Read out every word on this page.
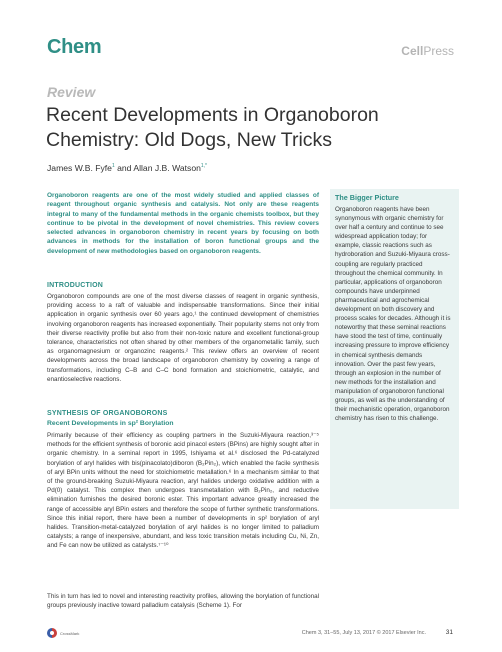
Chem	CellPress
Review
Recent Developments in Organoboron Chemistry: Old Dogs, New Tricks
James W.B. Fyfe$^1$ and Allan J.B. Watson$^{1,*}$

Organoboron reagents are one of the most widely studied and applied classes of reagent throughout organic synthesis and catalysis. Not only are these reagents integral to many of the fundamental methods in the organic chemists toolbox, but they continue to be pivotal in the development of novel chemistries. This review covers selected advances in organoboron chemistry in recent years by focusing on both advances in methods for the installation of boron functional groups and the development of new methodologies based on organoboron reagents.

INTRODUCTION

Organoboron compounds are one of the most diverse classes of reagent in organic synthesis, providing access to a raft of valuable and indispensable transformations. Since their initial application in organic synthesis over 60 years ago,¹ the continued development of chemistries involving organoboron reagents has increased exponentially. Their popularity stems not only from their diverse reactivity profile but also from their non-toxic nature and excellent functional-group tolerance, characteristics not often shared by other members of the organometallic family, such as organomagnesium or organozinc reagents.² This review offers an overview of recent developments across the broad landscape of organoboron chemistry by covering a range of transformations, including C–B and C–C bond formation and stoichiometric, catalytic, and enantioselective reactions.

SYNTHESIS OF ORGANOBORONS
Recent Developments in sp² Borylation

Primarily because of their efficiency as coupling partners in the Suzuki-Miyaura reaction,³⁻⁵ methods for the efficient synthesis of boronic acid pinacol esters (BPins) are highly sought after in organic chemistry. In a seminal report in 1995, Ishiyama et al.⁶ disclosed the Pd-catalyzed borylation of aryl halides with bis(pinacolato)diboron (B₂Pin₂), which enabled the facile synthesis of aryl BPin units without the need for stoichiometric metallation.⁶ In a mechanism similar to that of the ground-breaking Suzuki-Miyaura reaction, aryl halides undergo oxidative addition with a Pd(0) catalyst. This complex then undergoes transmetallation with B₂Pin₂, and reductive elimination furnishes the desired boronic ester. This important advance greatly increased the range of accessible aryl BPin esters and therefore the scope of further synthetic transformations. Since this initial report, there have been a number of developments in sp² borylation of aryl halides. Transition-metal-catalyzed borylation of aryl halides is no longer limited to palladium catalysts; a range of inexpensive, abundant, and less toxic transition metals including Cu, Ni, Zn, and Fe can now be utilized as catalysts.⁷⁻¹⁰

This in turn has led to novel and interesting reactivity profiles, allowing the borylation of functional groups previously inactive toward palladium catalysis (Scheme 1). For

The Bigger Picture
Organoboron reagents have been synonymous with organic chemistry for over half a century and continue to see widespread application today; for example, classic reactions such as hydroboration and Suzuki-Miyaura cross-coupling are regularly practiced throughout the chemical community. In particular, applications of organoboron compounds have underpinned pharmaceutical and agrochemical development on both discovery and process scales for decades. Although it is noteworthy that these seminal reactions have stood the test of time, continually increasing pressure to improve efficiency in chemical synthesis demands innovation. Over the past few years, through an explosion in the number of new methods for the installation and manipulation of organoboron functional groups, as well as the understanding of their mechanistic operation, organoboron chemistry has risen to this challenge.
CrossMark	Chem 3, 31–55, July 13, 2017 © 2017 Elsevier Inc.	31
